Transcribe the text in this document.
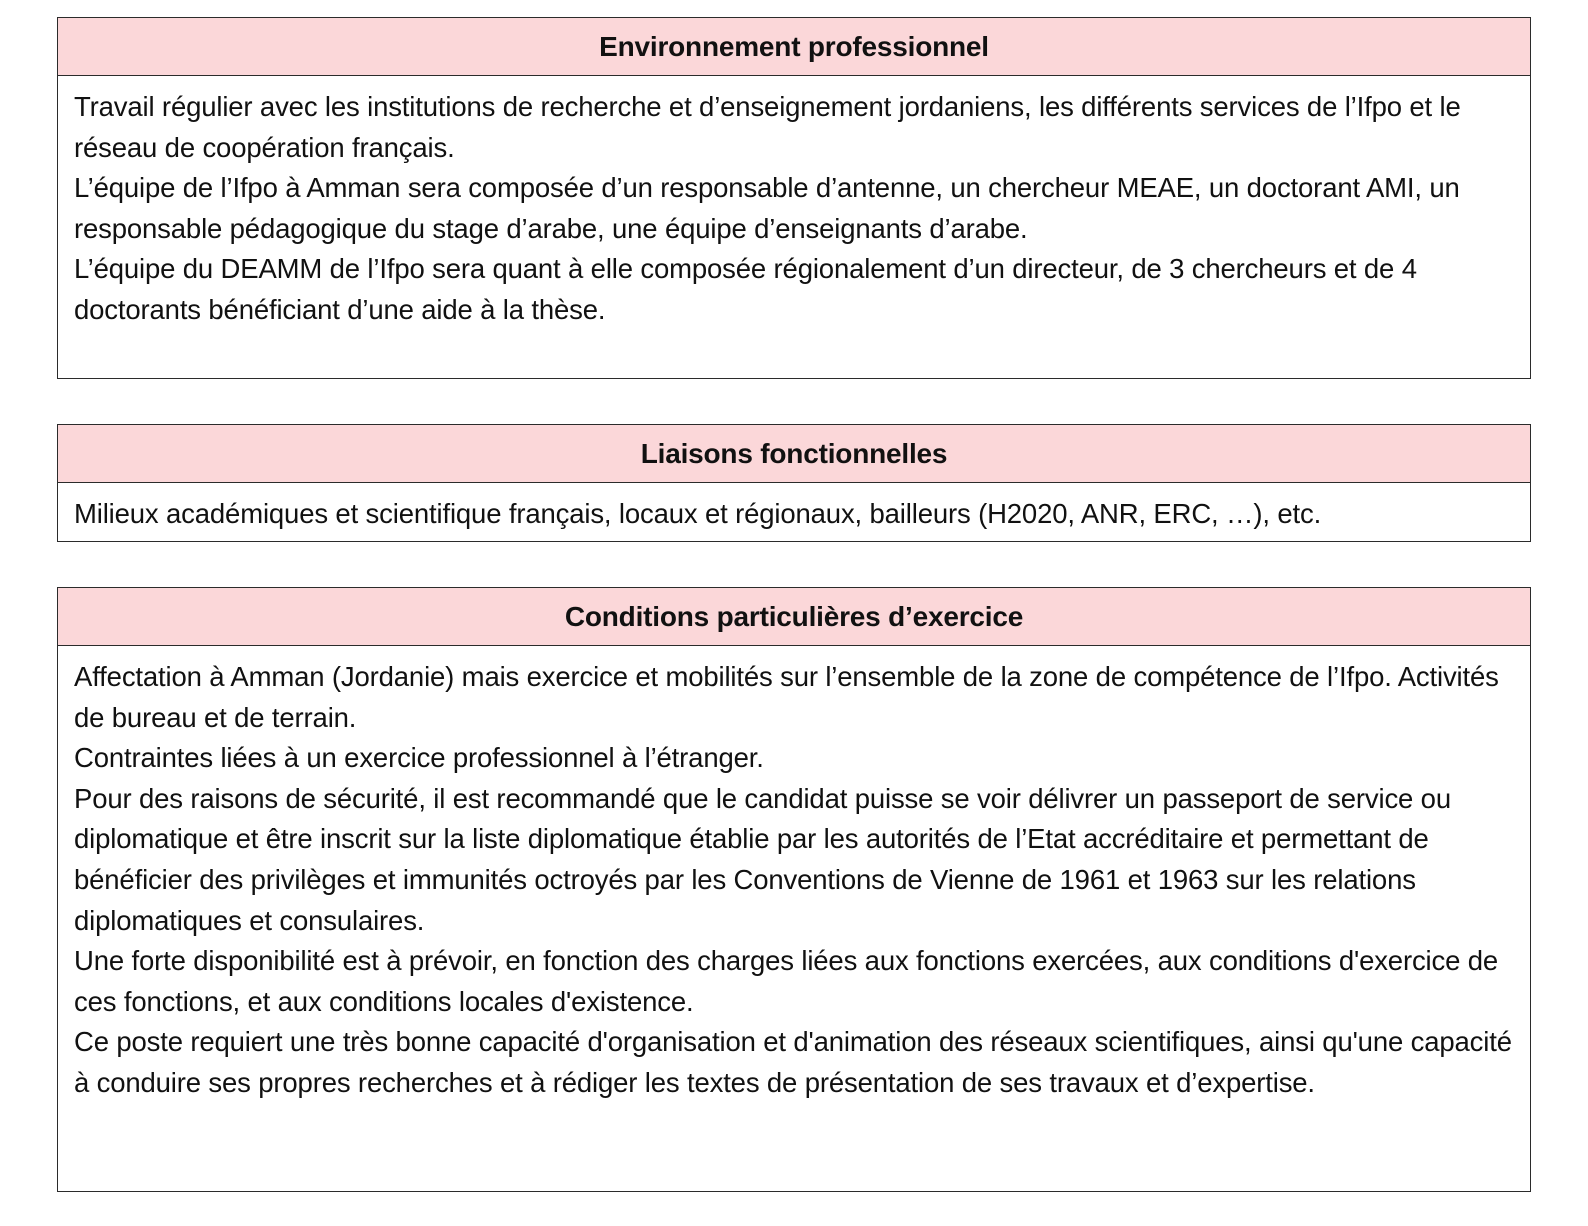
Environnement professionnel

Travail régulier avec les institutions de recherche et d’enseignement jordaniens, les différents services de l’Ifpo et le réseau de coopération français.

L’équipe de l’Ifpo à Amman sera composée d’un responsable d’antenne, un chercheur MEAE, un doctorant AMI, un responsable pédagogique du stage d’arabe, une équipe d’enseignants d’arabe.

L’équipe du DEAMM de l’Ifpo sera quant à elle composée régionalement d’un directeur, de 3 chercheurs et de 4 doctorants bénéficiant d’une aide à la thèse.

Liaisons fonctionnelles

Milieux académiques et scientifique français, locaux et régionaux, bailleurs (H2020, ANR, ERC, …), etc.

Conditions particulières d’exercice

Affectation à Amman (Jordanie) mais exercice et mobilités sur l’ensemble de la zone de compétence de l’Ifpo. Activités de bureau et de terrain.

Contraintes liées à un exercice professionnel à l’étranger.

Pour des raisons de sécurité, il est recommandé que le candidat puisse se voir délivrer un passeport de service ou diplomatique et être inscrit sur la liste diplomatique établie par les autorités de l’Etat accréditaire et permettant de bénéficier des privilèges et immunités octroyés par les Conventions de Vienne de 1961 et 1963 sur les relations diplomatiques et consulaires.

Une forte disponibilité est à prévoir, en fonction des charges liées aux fonctions exercées, aux conditions d'exercice de ces fonctions, et aux conditions locales d'existence.

Ce poste requiert une très bonne capacité d'organisation et d'animation des réseaux scientifiques, ainsi qu'une capacité à conduire ses propres recherches et à rédiger les textes de présentation de ses travaux et d’expertise.
